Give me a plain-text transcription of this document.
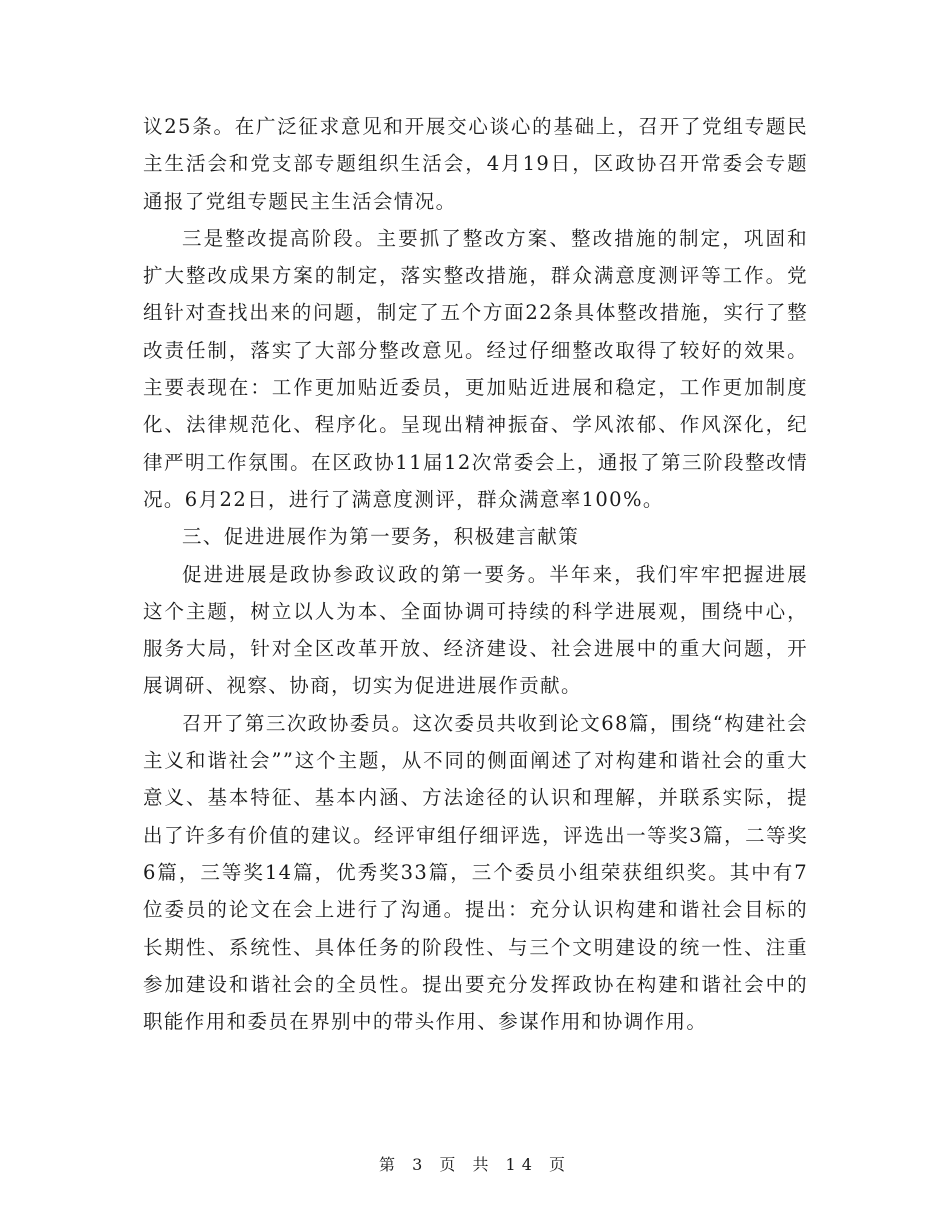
议25条。在广泛征求意见和开展交心谈心的基础上，召开了党组专题民主生活会和党支部专题组织生活会，4月19日，区政协召开常委会专题通报了党组专题民主生活会情况。

三是整改提高阶段。主要抓了整改方案、整改措施的制定，巩固和扩大整改成果方案的制定，落实整改措施，群众满意度测评等工作。党组针对查找出来的问题，制定了五个方面22条具体整改措施，实行了整改责任制，落实了大部分整改意见。经过仔细整改取得了较好的效果。主要表现在：工作更加贴近委员，更加贴近进展和稳定，工作更加制度化、法律规范化、程序化。呈现出精神振奋、学风浓郁、作风深化，纪律严明工作氛围。在区政协11届12次常委会上，通报了第三阶段整改情况。6月22日，进行了满意度测评，群众满意率100%。

三、促进进展作为第一要务，积极建言献策

促进进展是政协参政议政的第一要务。半年来，我们牢牢把握进展这个主题，树立以人为本、全面协调可持续的科学进展观，围绕中心，服务大局，针对全区改革开放、经济建设、社会进展中的重大问题，开展调研、视察、协商，切实为促进进展作贡献。

召开了第三次政协委员。这次委员共收到论文68篇，围绕“构建社会主义和谐社会””这个主题，从不同的侧面阐述了对构建和谐社会的重大意义、基本特征、基本内涵、方法途径的认识和理解，并联系实际，提出了许多有价值的建议。经评审组仔细评选，评选出一等奖3篇，二等奖6篇，三等奖14篇，优秀奖33篇，三个委员小组荣获组织奖。其中有7位委员的论文在会上进行了沟通。提出：充分认识构建和谐社会目标的长期性、系统性、具体任务的阶段性、与三个文明建设的统一性、注重参加建设和谐社会的全员性。提出要充分发挥政协在构建和谐社会中的职能作用和委员在界别中的带头作用、参谋作用和协调作用。

第 3 页 共 14 页
